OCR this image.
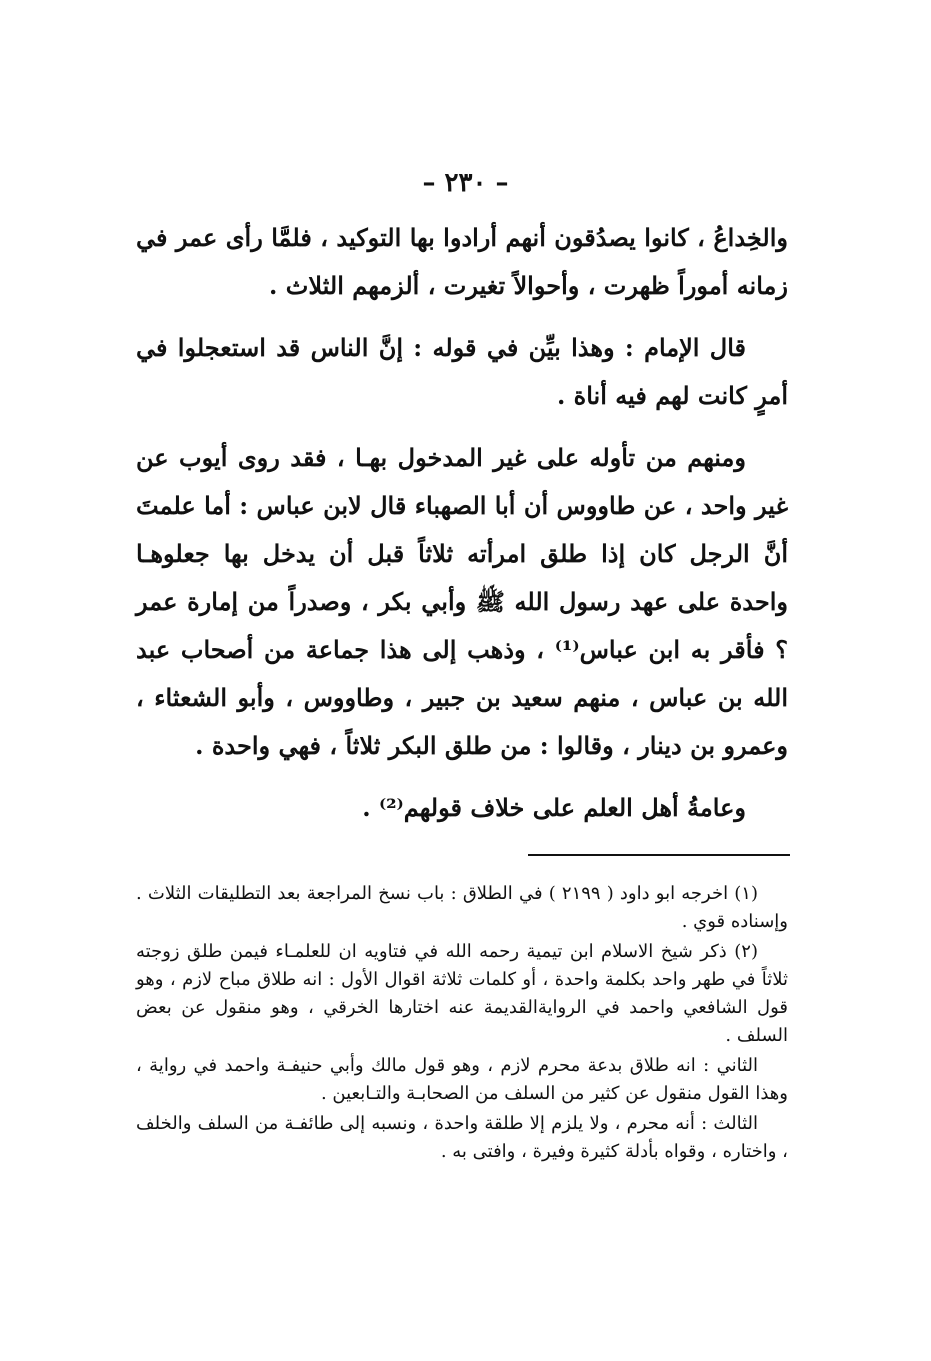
– ٢٣٠ –

والخِداعُ ، كانوا يصدُقون أنهم أرادوا بها التوكيد ، فلمَّا رأى عمر في زمانه أموراً ظهرت ، وأحوالاً تغيرت ، ألزمهم الثلاث .

قال الإمام : وهذا بيِّن في قوله : إنَّ الناس قد استعجلوا في أمرٍ كانت لهم فيه أناة .

ومنهم من تأوله على غير المدخول بهـا ، فقد روى أيوب عن غير واحد ، عن طاووس أن أبا الصهباء قال لابن عباس : أما علمتَ أنَّ الرجل كان إذا طلق امرأته ثلاثاً قبل أن يدخل بها جعلوهـا واحدة على عهد رسول الله ﷺ وأبي بكر ، وصدراً من إمارة عمر ؟ فأقر به ابن عباس⁽¹⁾ ، وذهب إلى هذا جماعة من أصحاب عبد الله بن عباس ، منهم سعيد بن جبير ، وطاووس ، وأبو الشعثاء ، وعمرو بن دينار ، وقالوا : من طلق البكر ثلاثاً ، فهي واحدة .

وعامةُ أهل العلم على خلاف قولهم⁽²⁾ .

(١) اخرجه ابو داود ( ٢١٩٩ ) في الطلاق : باب نسخ المراجعة بعد التطليقات الثلاث . وإسناده قوي .

(٢) ذكر شيخ الاسلام ابن تيمية رحمه الله في فتاويه ان للعلمـاء فيمن طلق زوجته ثلاثاً في طهر واحد بكلمة واحدة ، أو كلمات ثلاثة اقوال الأول : انه طلاق مباح لازم ، وهو قول الشافعي واحمد في الروايةالقديمة عنه اختارها الخرقي ، وهو منقول عن بعض السلف .

الثاني : انه طلاق بدعة محرم لازم ، وهو قول مالك وأبي حنيفـة واحمد في رواية ، وهذا القول منقول عن كثير من السلف من الصحابـة والتـابعين .

الثالث : أنه محرم ، ولا يلزم إلا طلقة واحدة ، ونسبه إلى طائفـة من السلف والخلف ، واختاره ، وقواه بأدلة كثيرة وفيرة ، وافتى به .
